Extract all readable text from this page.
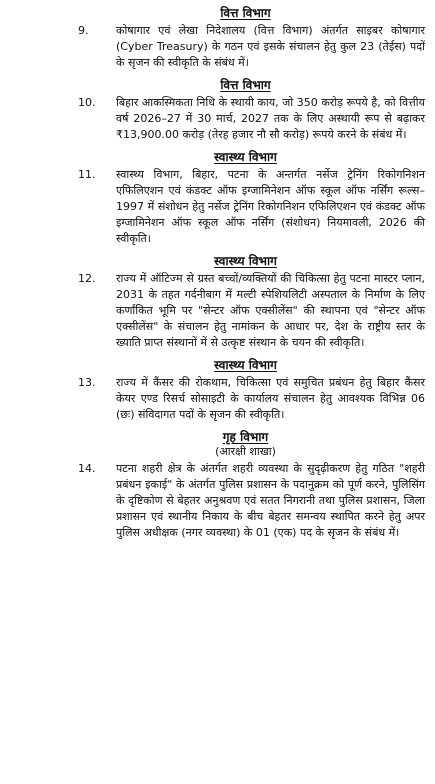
वित्त विभाग
9.	कोषागार एवं लेखा निदेशालय (वित्त विभाग) अंतर्गत साइबर कोषागार (Cyber Treasury) के गठन एवं इसके संचालन हेतु कुल 23 (तेईस) पदों के सृजन की स्वीकृति के संबंध में।
वित्त विभाग
10.	बिहार आकस्मिकता निधि के स्थायी काय, जो 350 करोड़ रूपये है, को वित्तीय वर्ष 2026–27 में 30 मार्च, 2027 तक के लिए अस्थायी रूप से बढ़ाकर ₹13,900.00 करोड़ (तेरह हजार नौ सौ करोड़) रूपये करने के संबंध में।
स्वास्थ्य विभाग
11.	स्वास्थ्य विभाग, बिहार, पटना के अन्तर्गत नर्सेज ट्रेनिंग रिकोगनिशन एफिलिएशन एवं कंडक्ट ऑफ इग्जामिनेशन ऑफ स्कूल ऑफ नर्सिंग रूल्स–1997 में संशोधन हेतु नर्सेज ट्रेनिंग रिकोगनिशन एफिलिएशन एवं कंडक्ट ऑफ इग्जामिनेशन ऑफ स्कूल ऑफ नर्सिंग (संशोधन) नियमावली, 2026 की स्वीकृति।
स्वास्थ्य विभाग
12.	राज्य में ऑटिज्म से ग्रस्त बच्चों/व्यक्तियों की चिकित्सा हेतु पटना मास्टर प्लान, 2031 के तहत गर्दनीबाग में मल्टी स्पेशियलिटी अस्पताल के निर्माण के लिए कर्णांकित भूमि पर "सेन्टर ऑफ एक्सीलेंस" की स्थापना एवं "सेन्टर ऑफ एक्सीलेंस" के संचालन हेतु नामांकन के आधार पर, देश के राष्ट्रीय स्तर के ख्याति प्राप्त संस्थानों में से उत्कृष्ट संस्थान के चयन की स्वीकृति।
स्वास्थ्य विभाग
13.	राज्य में कैंसर की रोकथाम, चिकित्सा एवं समुचित प्रबंधन हेतु बिहार कैंसर केयर एण्ड रिसर्च सोसाइटी के कार्यालय संचालन हेतु आवश्यक विभिन्न 06 (छः) संविदागत पदों के सृजन की स्वीकृति।
गृह विभाग
(आरक्षी शाखा)
14.	पटना शहरी क्षेत्र के अंतर्गत शहरी व्यवस्था के सुदृढ़ीकरण हेतु गठित "शहरी प्रबंधन इकाई" के अंतर्गत पुलिस प्रशासन के पदानुक्रम को पूर्ण करने, पुलिसिंग के दृष्टिकोण से बेहतर अनुश्रवण एवं सतत निगरानी तथा पुलिस प्रशासन, जिला प्रशासन एवं स्थानीय निकाय के बीच बेहतर समन्वय स्थापित करने हेतु अपर पुलिस अधीक्षक (नगर व्यवस्था) के 01 (एक) पद के सृजन के संबंध में।
